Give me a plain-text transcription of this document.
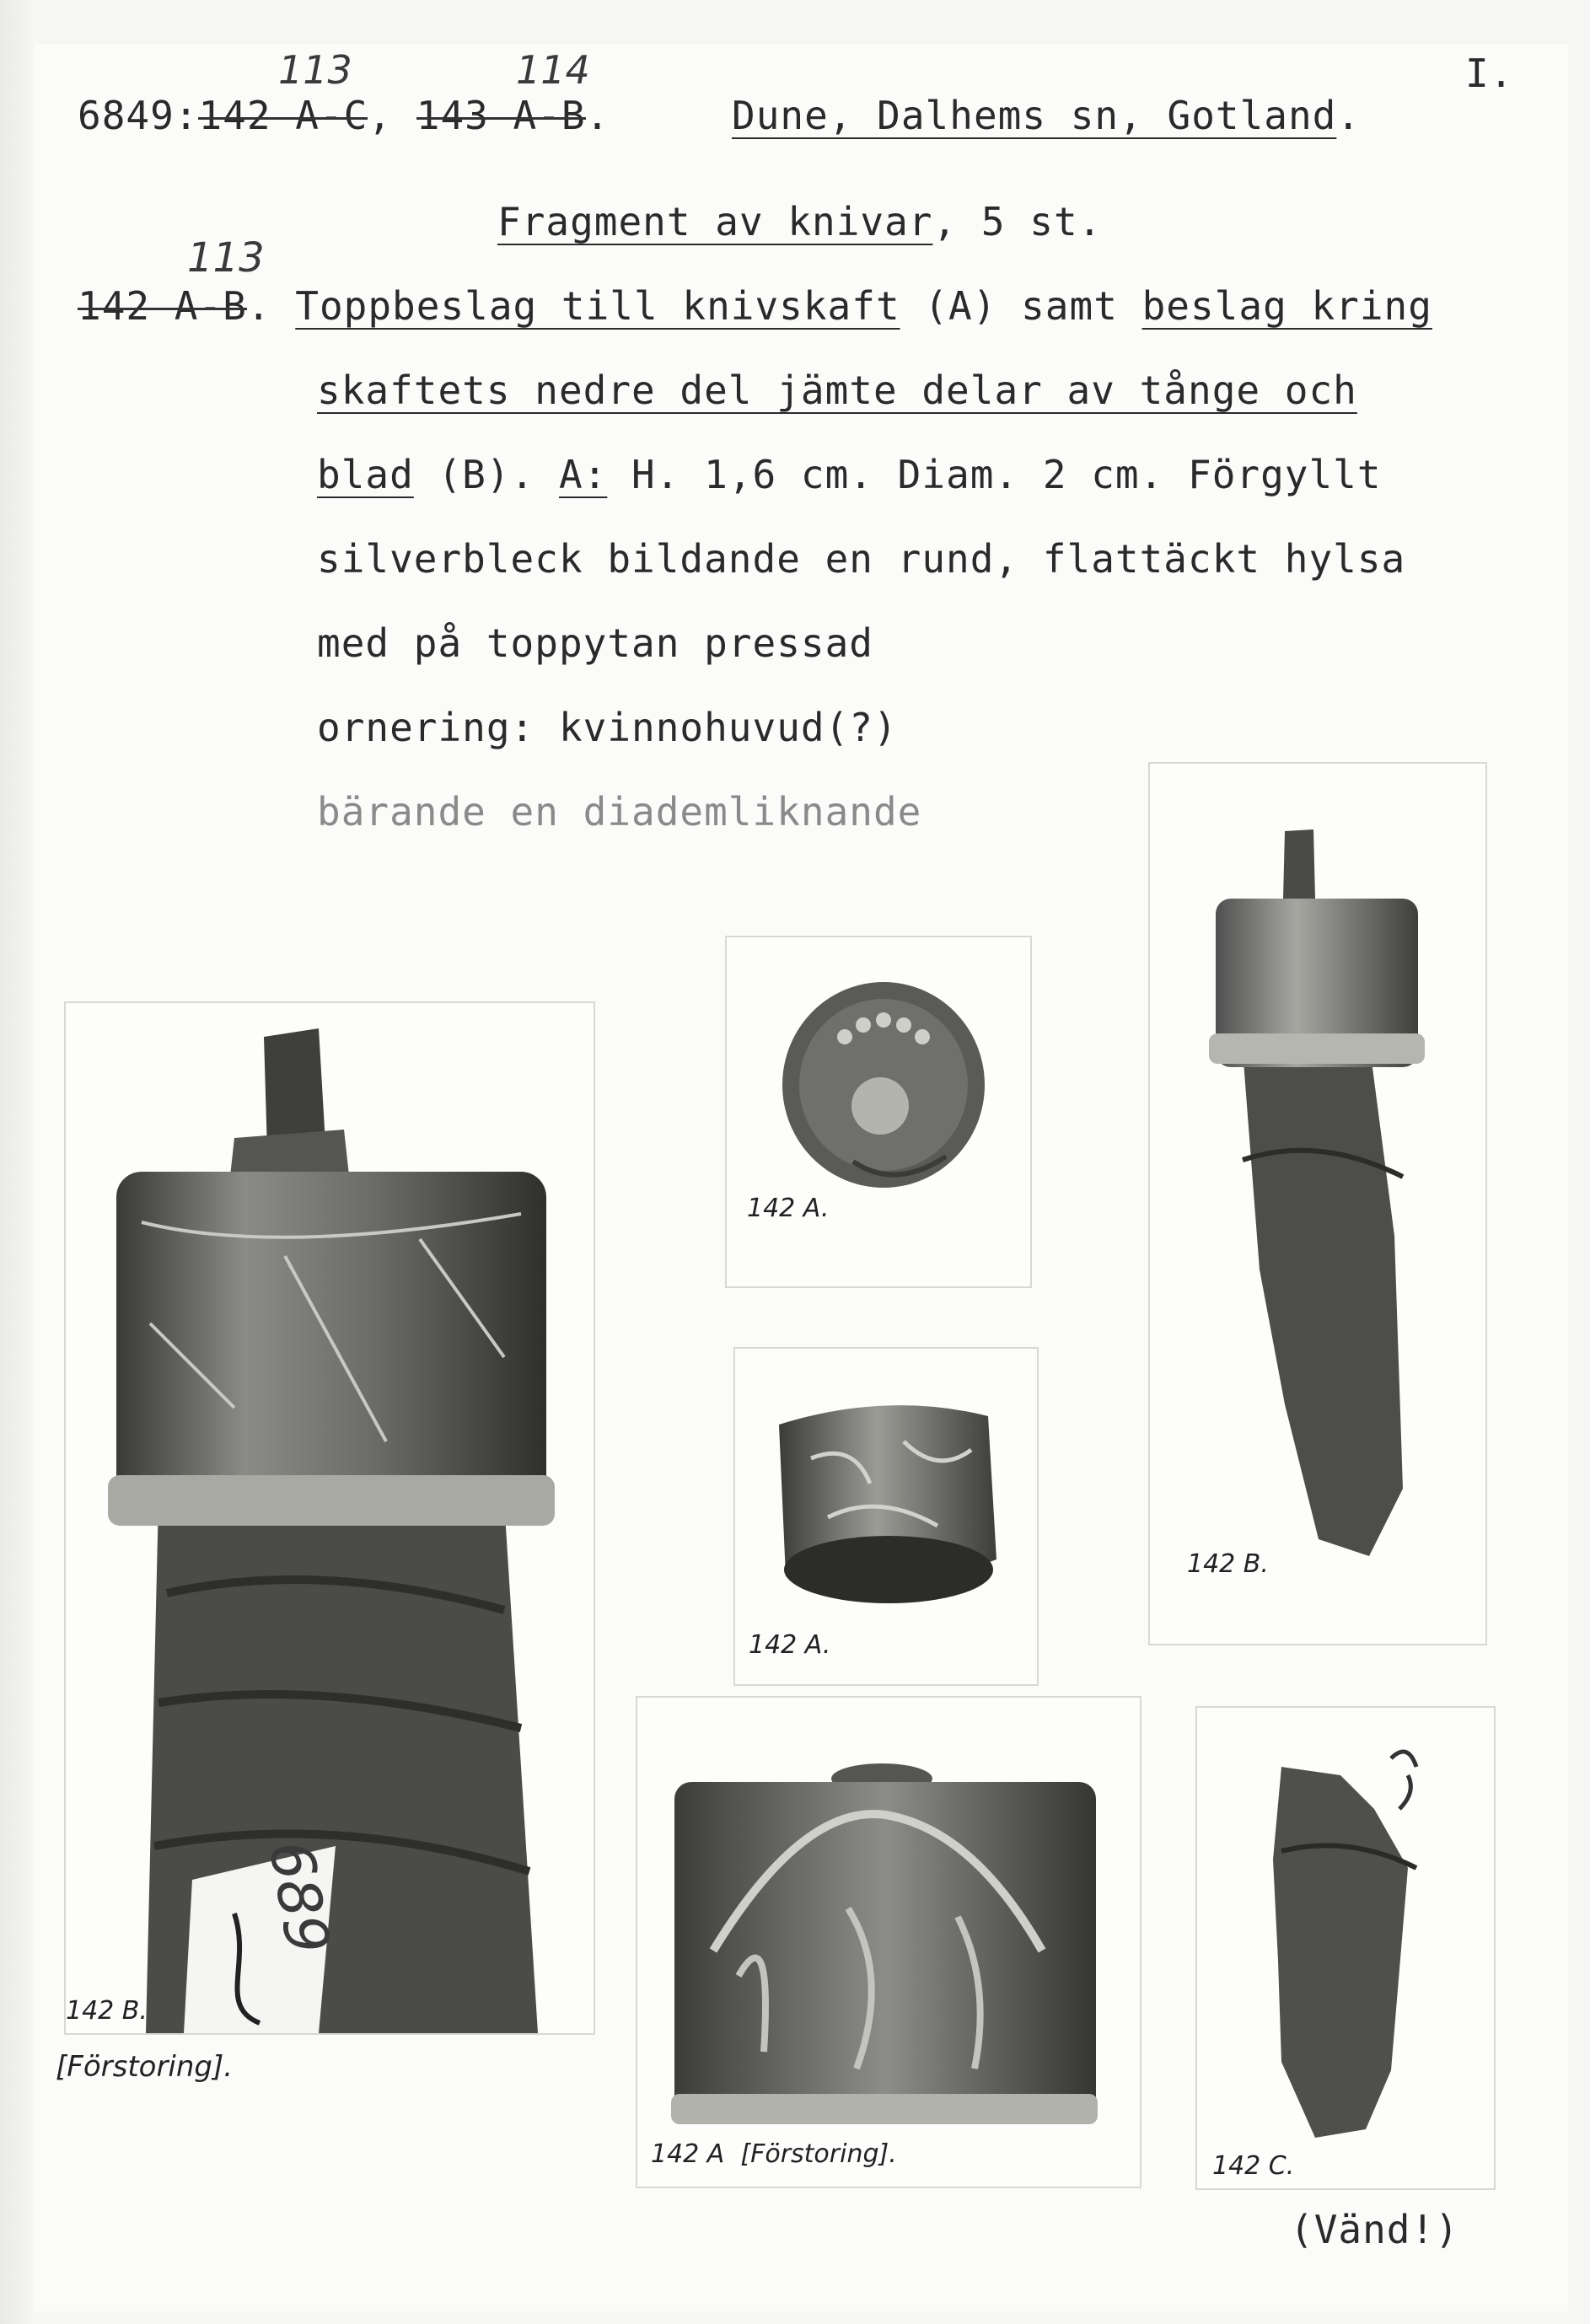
113	114
6849:142 A-C, 143 A-B.	Dune, Dalhems sn, Gotland.
I.
Fragment av knivar, 5 st.
113
142 A-B. Toppbeslag till knivskaft (A) samt beslag kring
skaftets nedre del jämte delar av tånge och
blad (B). A: H. 1,6 cm. Diam. 2 cm. Förgyllt
silverbleck bildande en rund, flattäckt hylsa
med på toppytan pressad
ornering: kvinnohuvud(?)
bärande en diademliknande
689
142 B.
[Förstoring].
142 A.
142 B.
142 A.
142 A  [Förstoring].	142 C.
(Vänd!)
